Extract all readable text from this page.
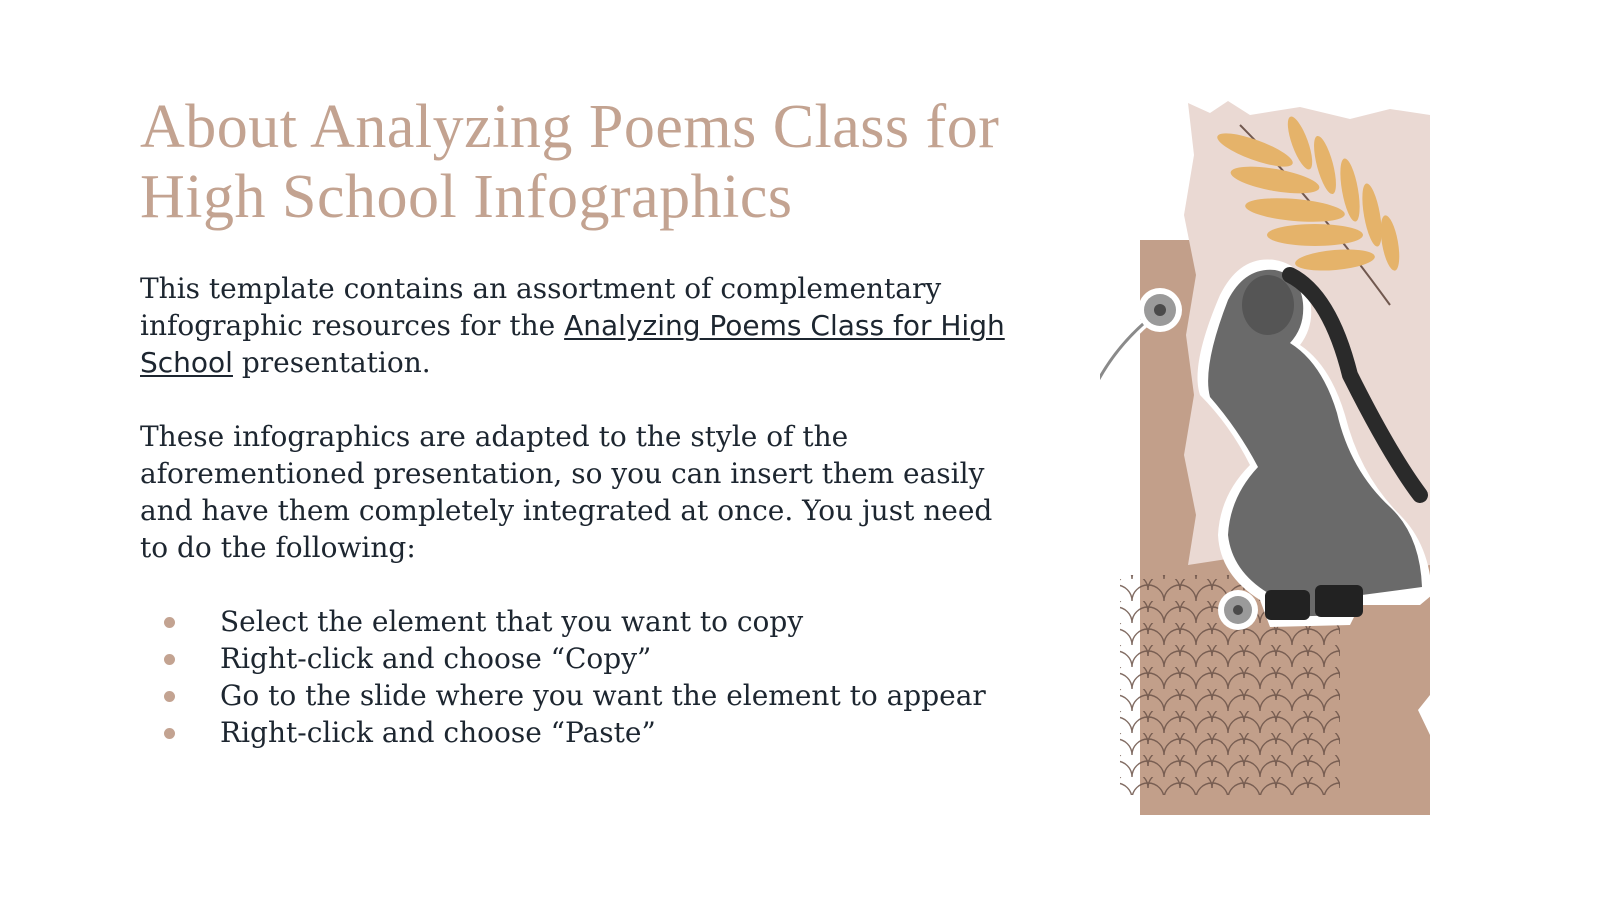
About Analyzing Poems Class for High School Infographics

This template contains an assortment of complementary infographic resources for the Analyzing Poems Class for High School presentation.

These infographics are adapted to the style of the aforementioned presentation, so you can insert them easily and have them completely integrated at once. You just need to do the following:

Select the element that you want to copy
Right-click and choose “Copy”
Go to the slide where you want the element to appear
Right-click and choose “Paste”
